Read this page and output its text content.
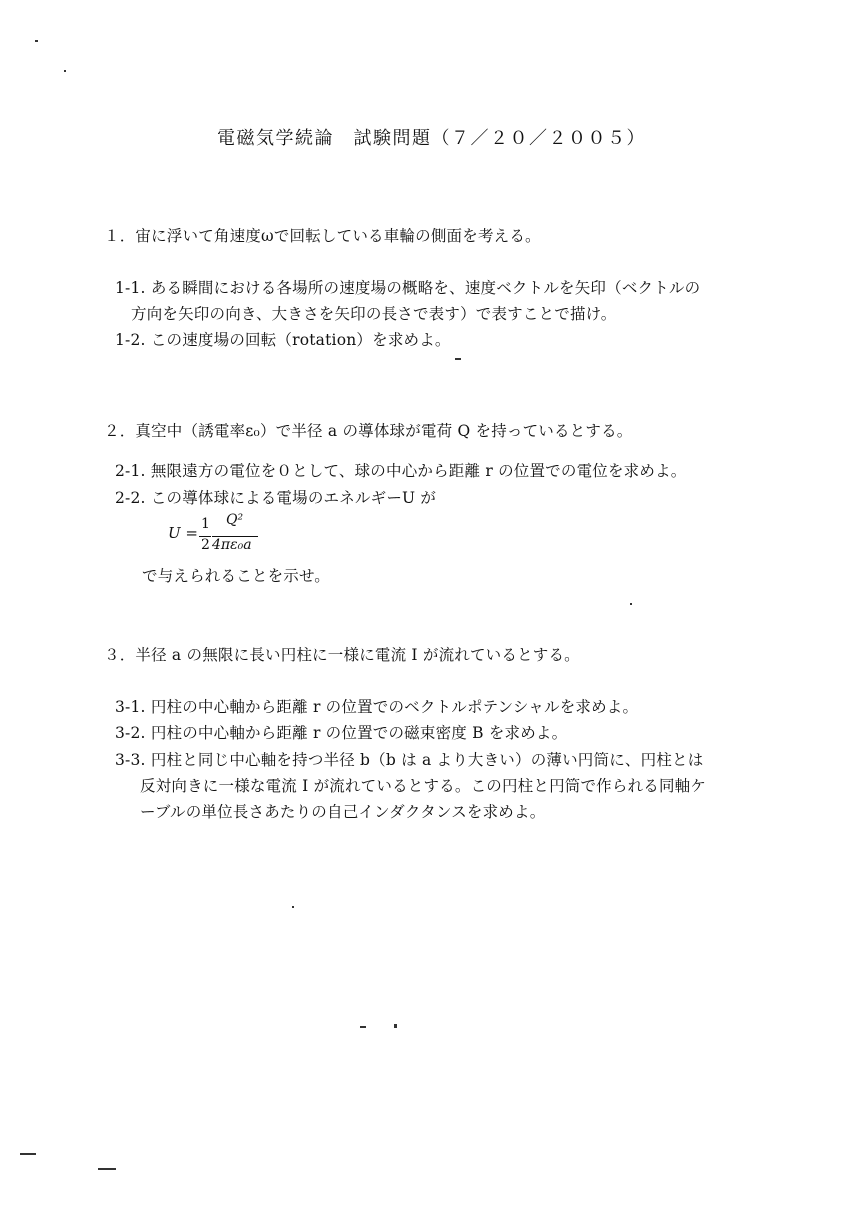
電磁気学続論　試験問題（７／２０／２００５）
１．宙に浮いて角速度ωで回転している車輪の側面を考える。
1-1. ある瞬間における各場所の速度場の概略を、速度ベクトルを矢印（ベクトルの
方向を矢印の向き、大きさを矢印の長さで表す）で表すことで描け。
1-2. この速度場の回転（rotation）を求めよ。
２．真空中（誘電率ε₀）で半径 a の導体球が電荷 Q を持っているとする。
2-1. 無限遠方の電位を０として、球の中心から距離 r の位置での電位を求めよ。
2-2. この導体球による電場のエネルギーU が
U = 1
2
Q²
4πε₀a
で与えられることを示せ。
３．半径 a の無限に長い円柱に一様に電流 I が流れているとする。
3-1. 円柱の中心軸から距離 r の位置でのベクトルポテンシャルを求めよ。
3-2. 円柱の中心軸から距離 r の位置での磁束密度 B を求めよ。
3-3. 円柱と同じ中心軸を持つ半径 b（b は a より大きい）の薄い円筒に、円柱とは
反対向きに一様な電流 I が流れているとする。この円柱と円筒で作られる同軸ケ
ーブルの単位長さあたりの自己インダクタンスを求めよ。
